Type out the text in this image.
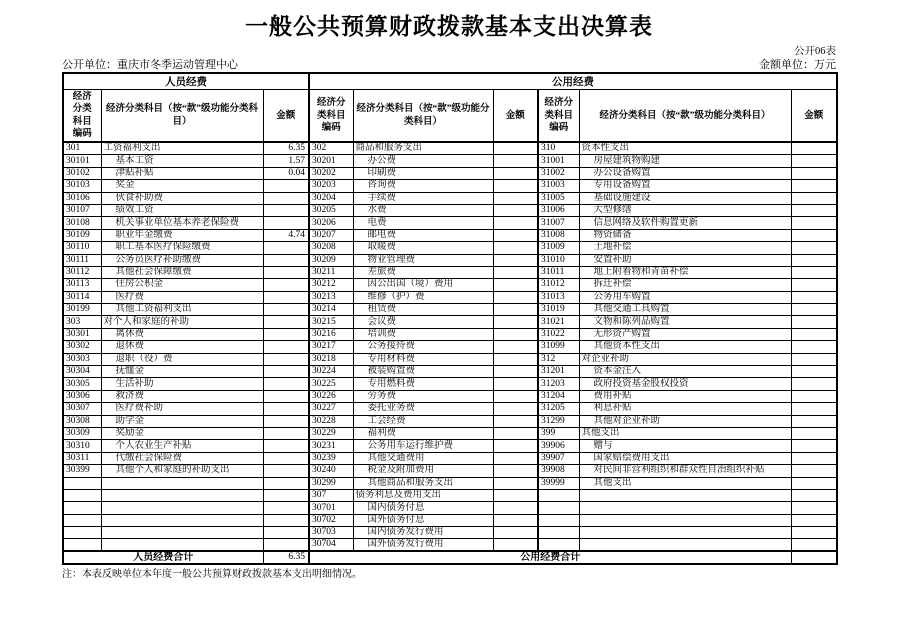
一般公共预算财政拨款基本支出决算表
公开06表
公开单位：重庆市冬季运动管理中心	金额单位：万元
人员经费			公用经费					
经济分类科目编码	经济分类科目（按“款”级功能分类科目）	金额	经济分类科目编码	经济分类科目（按“款”级功能分类科目）	金额	经济分类科目编码	经济分类科目（按“款”级功能分类科目）	金额
301	工资福利支出	6.35	302	商品和服务支出		310	资本性支出	
30101	基本工资	1.57	30201	办公费		31001	房屋建筑物购建	
30102	津贴补贴	0.04	30202	印刷费		31002	办公设备购置	
30103	奖金		30203	咨询费		31003	专用设备购置	
30106	伙食补助费		30204	手续费		31005	基础设施建设	
30107	绩效工资		30205	水费		31006	大型修缮	
30108	机关事业单位基本养老保险费		30206	电费		31007	信息网络及软件购置更新	
30109	职业年金缴费	4.74	30207	邮电费		31008	物资储备	
30110	职工基本医疗保险缴费		30208	取暖费		31009	土地补偿	
30111	公务员医疗补助缴费		30209	物业管理费		31010	安置补助	
30112	其他社会保障缴费		30211	差旅费		31011	地上附着物和青苗补偿	
30113	住房公积金		30212	因公出国（境）费用		31012	拆迁补偿	
30114	医疗费		30213	维修（护）费		31013	公务用车购置	
30199	其他工资福利支出		30214	租赁费		31019	其他交通工具购置	
303	对个人和家庭的补助		30215	会议费		31021	文物和陈列品购置	
30301	离休费		30216	培训费		31022	无形资产购置	
30302	退休费		30217	公务接待费		31099	其他资本性支出	
30303	退职（役）费		30218	专用材料费		312	对企业补助	
30304	抚恤金		30224	被装购置费		31201	资本金注入	
30305	生活补助		30225	专用燃料费		31203	政府投资基金股权投资	
30306	救济费		30226	劳务费		31204	费用补贴	
30307	医疗费补助		30227	委托业务费		31205	利息补贴	
30308	助学金		30228	工会经费		31299	其他对企业补助	
30309	奖励金		30229	福利费		399	其他支出	
30310	个人农业生产补贴		30231	公务用车运行维护费		39906	赠与	
30311	代缴社会保险费		30239	其他交通费用		39907	国家赔偿费用支出	
30399	其他个人和家庭的补助支出		30240	税金及附加费用		39908	对民间非营利组织和群众性自治组织补贴	
			30299	其他商品和服务支出		39999	其他支出	
			307	债务利息及费用支出				
			30701	国内债务付息				
			30702	国外债务付息				
			30703	国内债务发行费用				
			30704	国外债务发行费用				
人员经费合计		6.35	公用经费合计					
注：本表反映单位本年度一般公共预算财政拨款基本支出明细情况。
